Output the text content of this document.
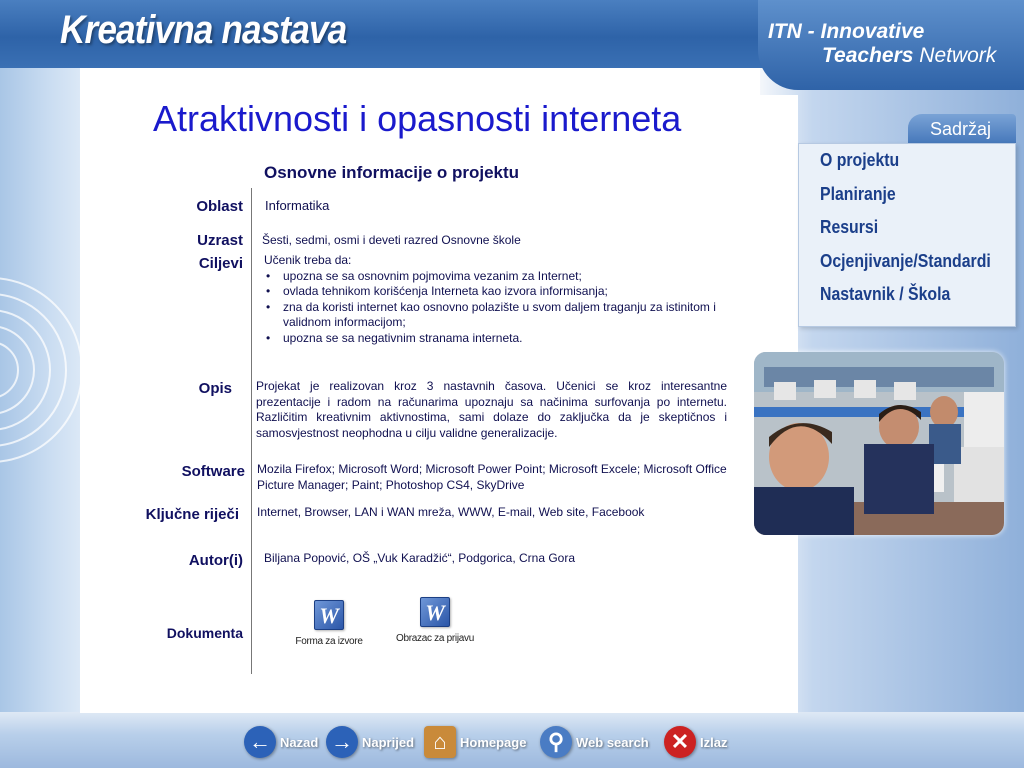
Kreativna nastava	ITN - Innovative
Teachers Network
Atraktivnosti i opasnosti interneta
Osnovne informacije o projektu
Oblast Informatika
Uzrast Šesti, sedmi, osmi i deveti razred Osnovne škole
Ciljevi Učenik treba da:
• upozna se sa osnovnim pojmovima vezanim za Internet;
• ovlada tehnikom korišćenja Interneta kao izvora informisanja;
• zna da koristi internet kao osnovno polazište u svom daljem traganju za istinitom i validnom informacijom;
• upozna se sa negativnim stranama interneta.
Opis Projekat je realizovan kroz 3 nastavnih časova. Učenici se kroz interesantne prezentacije i radom na računarima upoznaju sa načinima surfovanja po internetu. Različitim kreativnim aktivnostima, sami dolaze do zaključka da je skeptičnos i samosvjestnost neophodna u cilju validne generalizacije.
Software Mozila Firefox; Microsoft Word; Microsoft Power Point; Microsoft Excele; Microsoft Office Picture Manager; Paint; Photoshop CS4, SkyDrive
Ključne riječi Internet, Browser, LAN i WAN mreža, WWW, E-mail, Web site, Facebook
Autor(i) Biljana Popović, OŠ „Vuk Karadžić“, Podgorica, Crna Gora
Dokumenta
W
Forma za izvore
W
Obrazac za prijavu
Sadržaj
O projektu
Planiranje
Resursi
Ocjenjivanje/Standardi
Nastavnik / Škola
← Nazad → Naprijed ⌂ Homepage ⚲ Web search ✕ Izlaz
